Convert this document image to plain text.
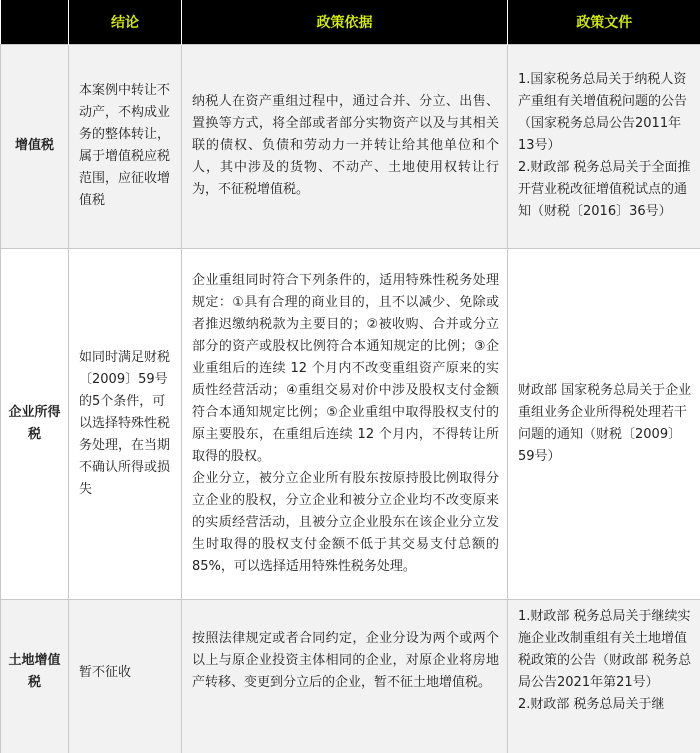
	结论	政策依据	政策文件
增值税	本案例中转让不动产，不构成业务的整体转让，属于增值税应税范围，应征收增值税	纳税人在资产重组过程中，通过合并、分立、出售、置换等方式，将全部或者部分实物资产以及与其相关联的债权、负债和劳动力一并转让给其他单位和个人，其中涉及的货物、不动产、土地使用权转让行为，不征税增值税。	1.国家税务总局关于纳税人资产重组有关增值税问题的公告（国家税务总局公告2011年13号）
2.财政部 税务总局关于全面推开营业税改征增值税试点的通知（财税〔2016〕36号）

企业所得税	如同时满足财税〔2009〕59号的5个条件，可以选择特殊性税务处理，在当期不确认所得或损失	企业重组同时符合下列条件的，适用特殊性税务处理规定：①具有合理的商业目的，且不以减少、免除或者推迟缴纳税款为主要目的；②被收购、合并或分立部分的资产或股权比例符合本通知规定的比例；③企业重组后的连续 12 个月内不改变重组资产原来的实质性经营活动；④重组交易对价中涉及股权支付金额符合本通知规定比例；⑤企业重组中取得股权支付的原主要股东，在重组后连续 12 个月内，不得转让所取得的股权。
企业分立，被分立企业所有股东按原持股比例取得分立企业的股权，分立企业和被分立企业均不改变原来的实质经营活动，且被分立企业股东在该企业分立发生时取得的股权支付金额不低于其交易支付总额的85%，可以选择适用特殊性税务处理。	财政部 国家税务总局关于企业重组业务企业所得税处理若干问题的通知（财税〔2009〕59号）

土地增值税	暂不征收	按照法律规定或者合同约定，企业分设为两个或两个以上与原企业投资主体相同的企业，对原企业将房地产转移、变更到分立后的企业，暂不征土地增值税。	1.财政部 税务总局关于继续实施企业改制重组有关土地增值税政策的公告（财政部 税务总局公告2021年第21号）
2.财政部 税务总局关于继
